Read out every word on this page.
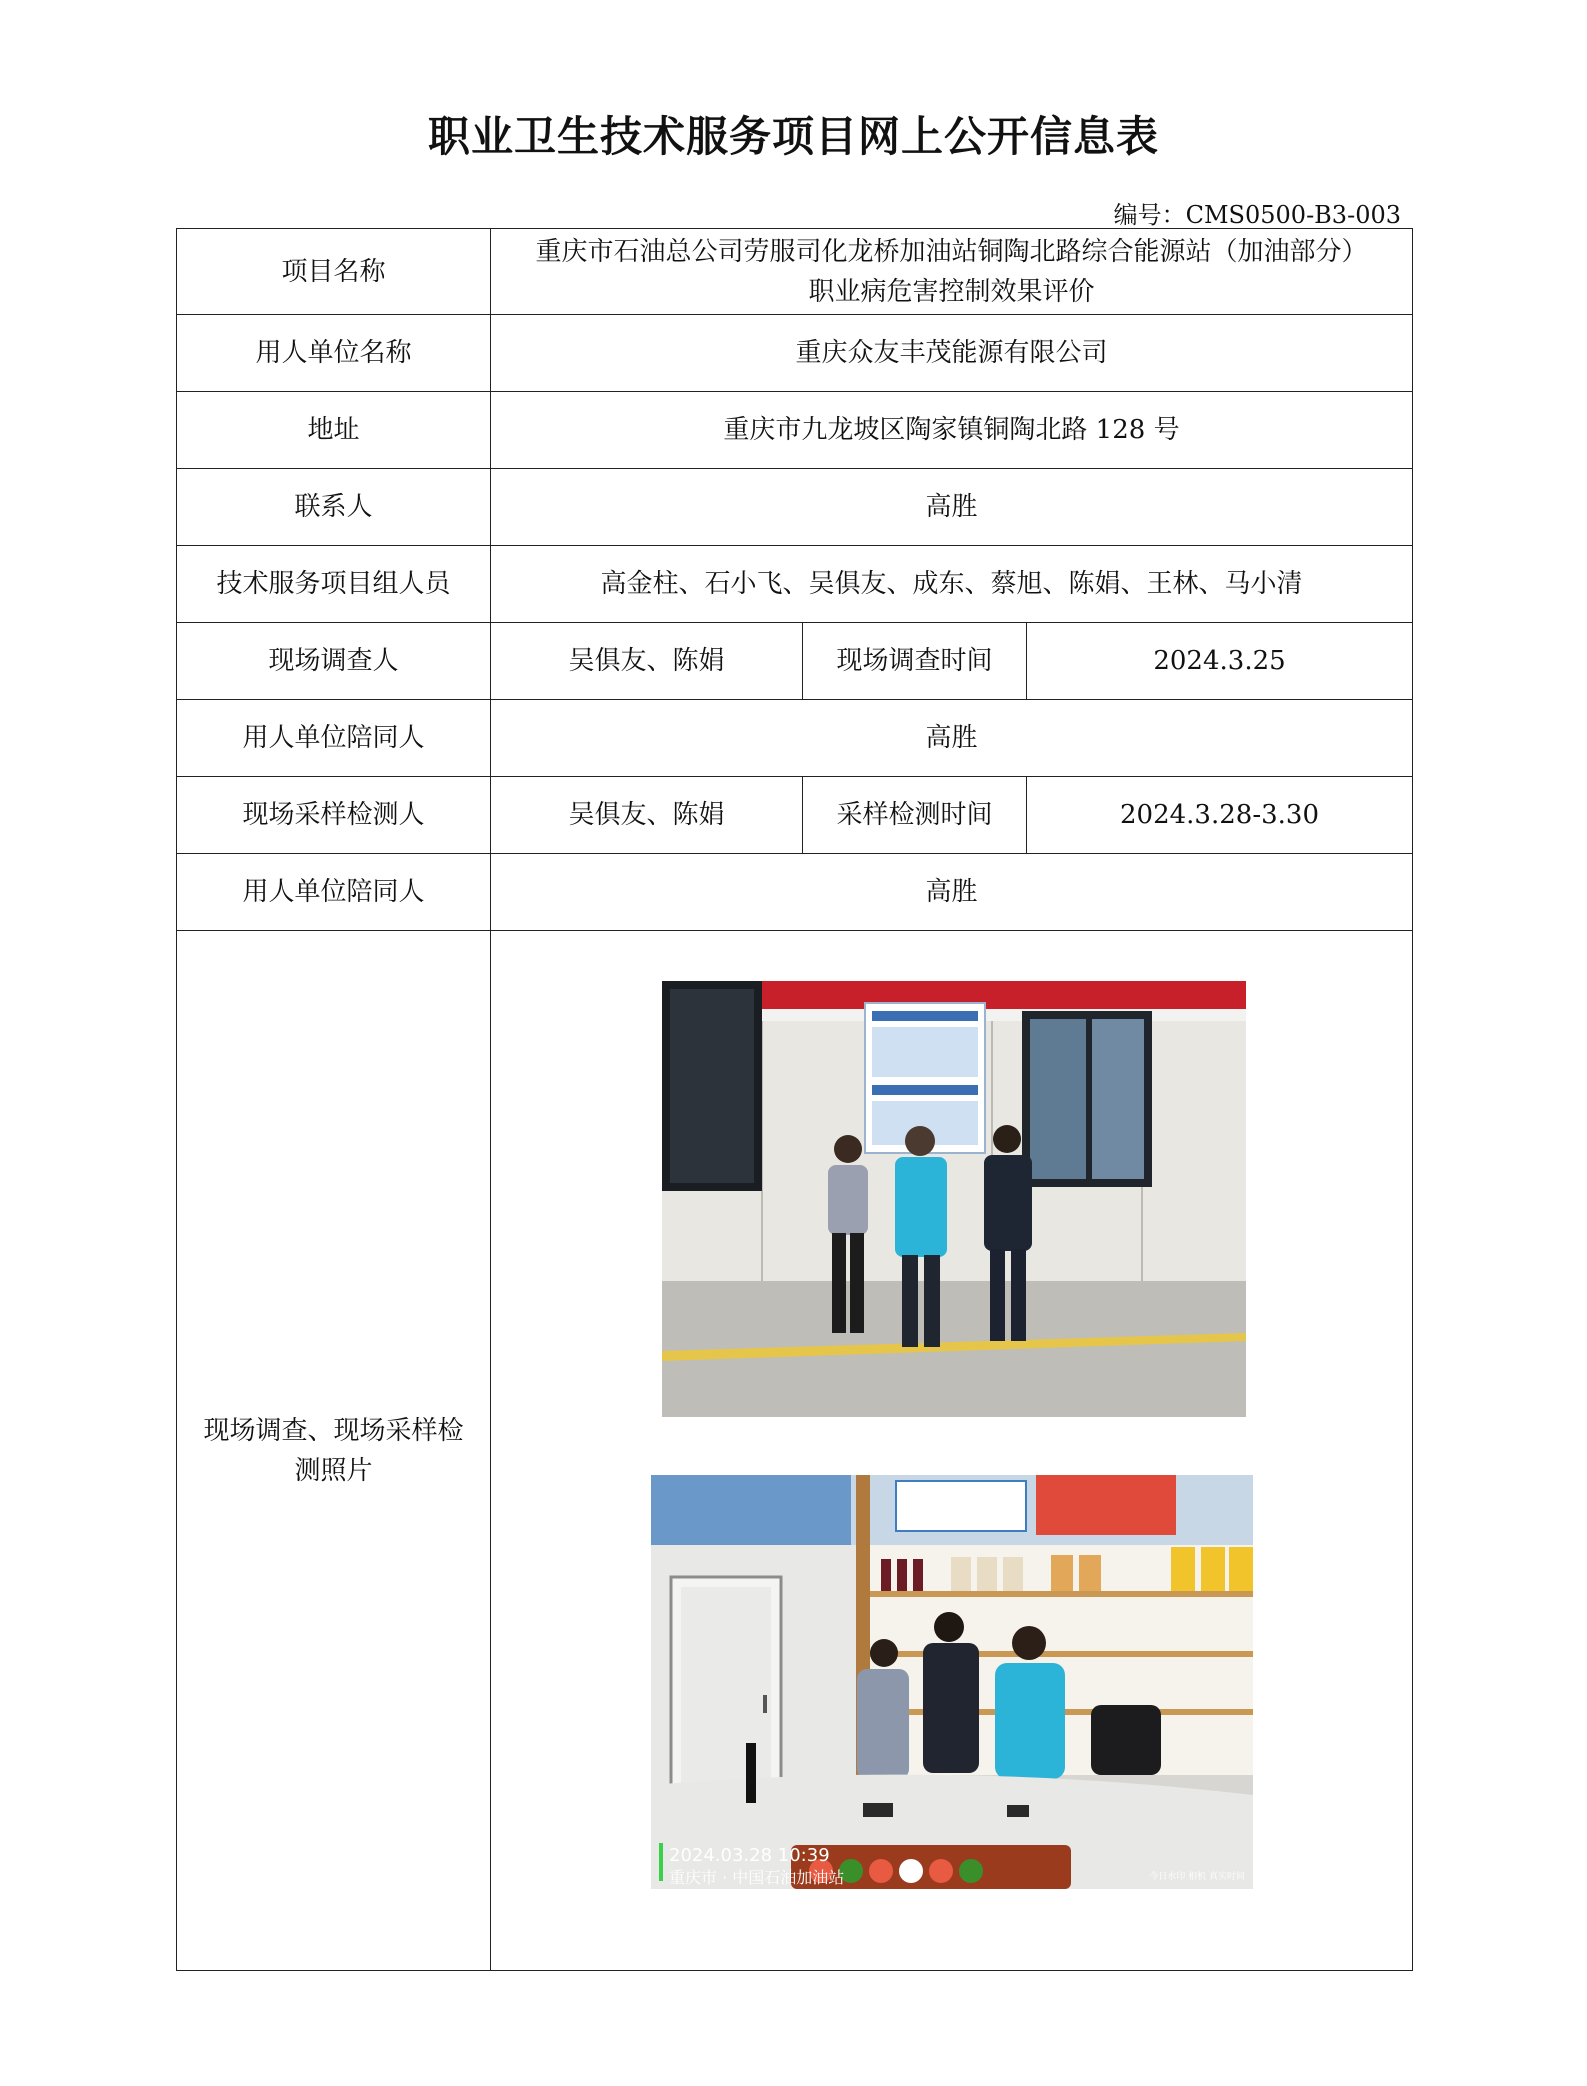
职业卫生技术服务项目网上公开信息表
编号：CMS0500-B3-003
项目名称	重庆市石油总公司劳服司化龙桥加油站铜陶北路综合能源站（加油部分）
职业病危害控制效果评价		

用人单位名称	重庆众友丰茂能源有限公司		
地址	重庆市九龙坡区陶家镇铜陶北路 128 号		
联系人	高胜		
技术服务项目组人员	高金柱、石小飞、吴俱友、成东、蔡旭、陈娟、王林、马小清		
现场调查人	吴俱友、陈娟	现场调查时间	2024.3.25
用人单位陪同人	高胜		
现场采样检测人	吴俱友、陈娟	采样检测时间	2024.3.28-3.30
用人单位陪同人	高胜		
现场调查、现场采样检测照片	2024.03.28 10:39
重庆市 · 中国石油加油站 今日水印 相机 真实时间		
